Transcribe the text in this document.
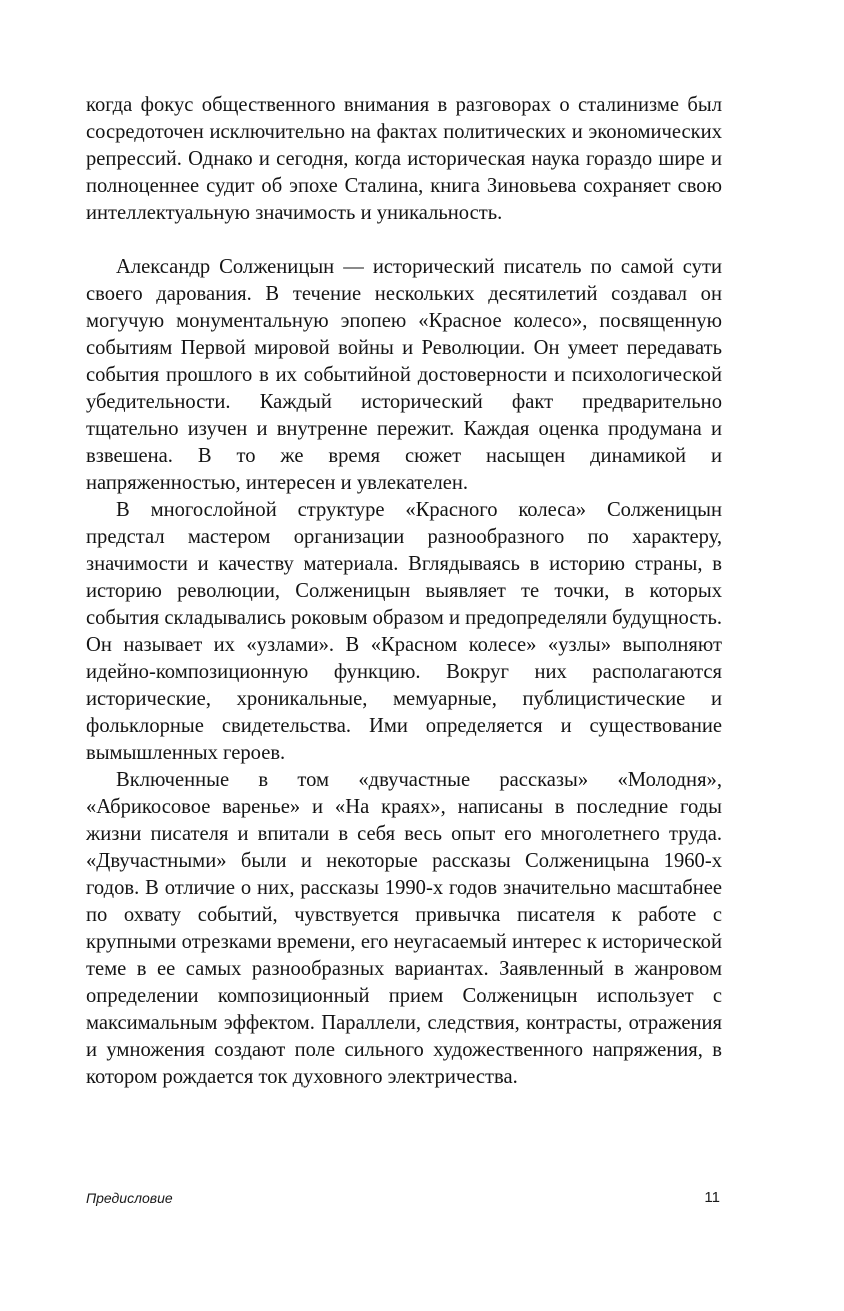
когда фокус общественного внимания в разговорах о сталинизме был сосредоточен исключительно на фактах политических и экономических репрессий. Однако и сегодня, когда историческая наука гораздо шире и полноценнее судит об эпохе Сталина, книга Зиновьева сохраняет свою интеллектуальную значимость и уникальность.

Александр Солженицын — исторический писатель по самой сути своего дарования. В течение нескольких десятилетий создавал он могучую монументальную эпопею «Красное колесо», посвященную событиям Первой мировой войны и Революции. Он умеет передавать события прошлого в их событийной достоверности и психологической убедительности. Каждый исторический факт предварительно тщательно изучен и внутренне пережит. Каждая оценка продумана и взвешена. В то же время сюжет насыщен динамикой и напряженностью, интересен и увлекателен.

В многослойной структуре «Красного колеса» Солженицын предстал мастером организации разнообразного по характеру, значимости и качеству материала. Вглядываясь в историю страны, в историю революции, Солженицын выявляет те точки, в которых события складывались роковым образом и предопределяли будущность. Он называет их «узлами». В «Красном колесе» «узлы» выполняют идейно-композиционную функцию. Вокруг них располагаются исторические, хроникальные, мемуарные, публицистические и фольклорные свидетельства. Ими определяется и существование вымышленных героев.

Включенные в том «двучастные рассказы» «Молодня», «Абрикосовое варенье» и «На краях», написаны в последние годы жизни писателя и впитали в себя весь опыт его многолетнего труда. «Двучастными» были и некоторые рассказы Солженицына 1960-х годов. В отличие о них, рассказы 1990-х годов значительно масштабнее по охвату событий, чувствуется привычка писателя к работе с крупными отрезками времени, его неугасаемый интерес к исторической теме в ее самых разнообразных вариантах. Заявленный в жанровом определении композиционный прием Солженицын использует с максимальным эффектом. Параллели, следствия, контрасты, отражения и умножения создают поле сильного художественного напряжения, в котором рождается ток духовного электричества.

Предисловие	11
